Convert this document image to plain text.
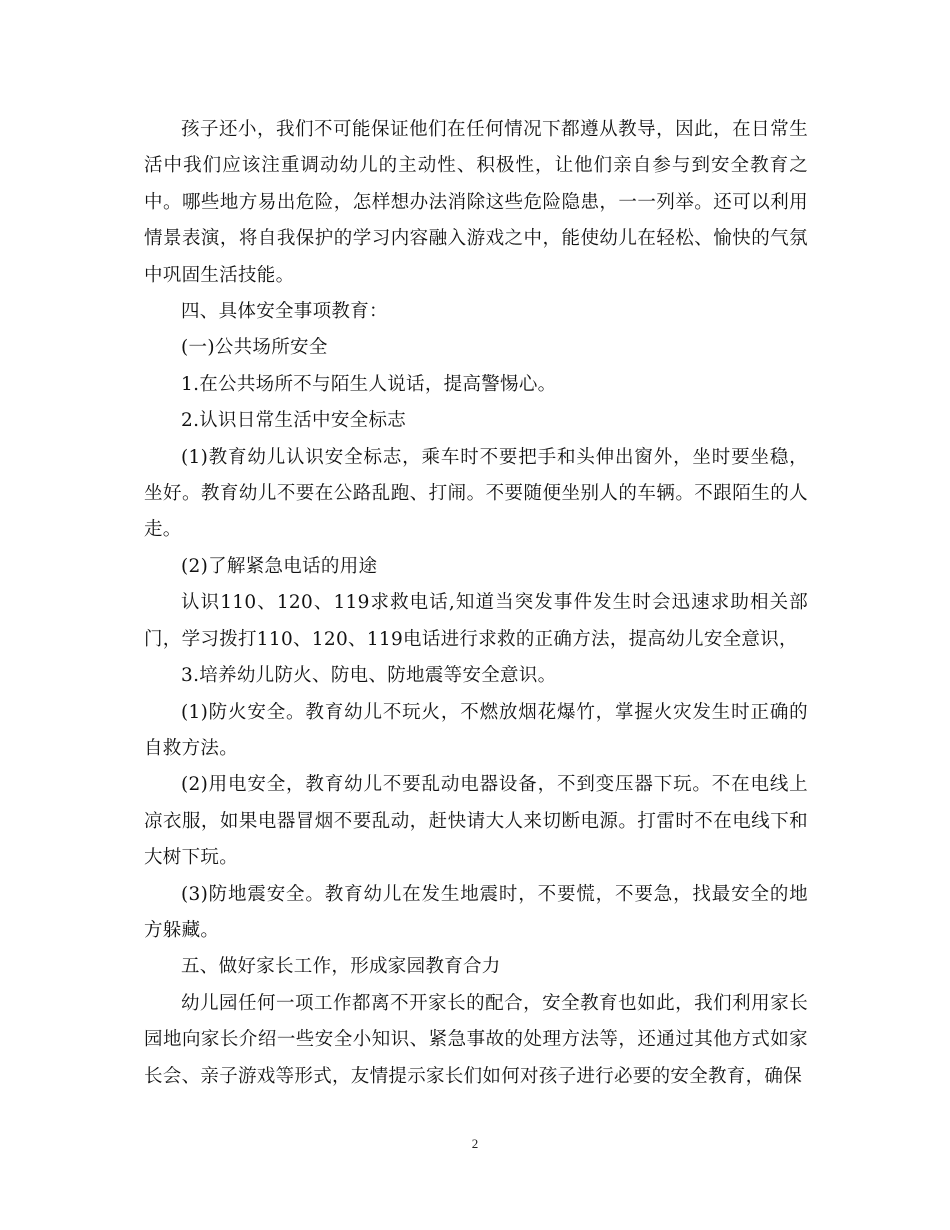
孩子还小，我们不可能保证他们在任何情况下都遵从教导，因此，在日常生活中我们应该注重调动幼儿的主动性、积极性，让他们亲自参与到安全教育之中。哪些地方易出危险，怎样想办法消除这些危险隐患，一一列举。还可以利用情景表演，将自我保护的学习内容融入游戏之中，能使幼儿在轻松、愉快的气氛中巩固生活技能。

四、具体安全事项教育：

(一)公共场所安全

1.在公共场所不与陌生人说话，提高警惕心。

2.认识日常生活中安全标志

(1)教育幼儿认识安全标志，乘车时不要把手和头伸出窗外，坐时要坐稳，坐好。教育幼儿不要在公路乱跑、打闹。不要随便坐别人的车辆。不跟陌生的人走。

(2)了解紧急电话的用途

认识110、120、119求救电话,知道当突发事件发生时会迅速求助相关部门，学习拨打110、120、119电话进行求救的正确方法，提高幼儿安全意识，

3.培养幼儿防火、防电、防地震等安全意识。

(1)防火安全。教育幼儿不玩火，不燃放烟花爆竹，掌握火灾发生时正确的自救方法。

(2)用电安全，教育幼儿不要乱动电器设备，不到变压器下玩。不在电线上凉衣服，如果电器冒烟不要乱动，赶快请大人来切断电源。打雷时不在电线下和大树下玩。

(3)防地震安全。教育幼儿在发生地震时，不要慌，不要急，找最安全的地方躲藏。

五、做好家长工作，形成家园教育合力

幼儿园任何一项工作都离不开家长的配合，安全教育也如此，我们利用家长园地向家长介绍一些安全小知识、紧急事故的处理方法等，还通过其他方式如家长会、亲子游戏等形式，友情提示家长们如何对孩子进行必要的安全教育，确保

2
